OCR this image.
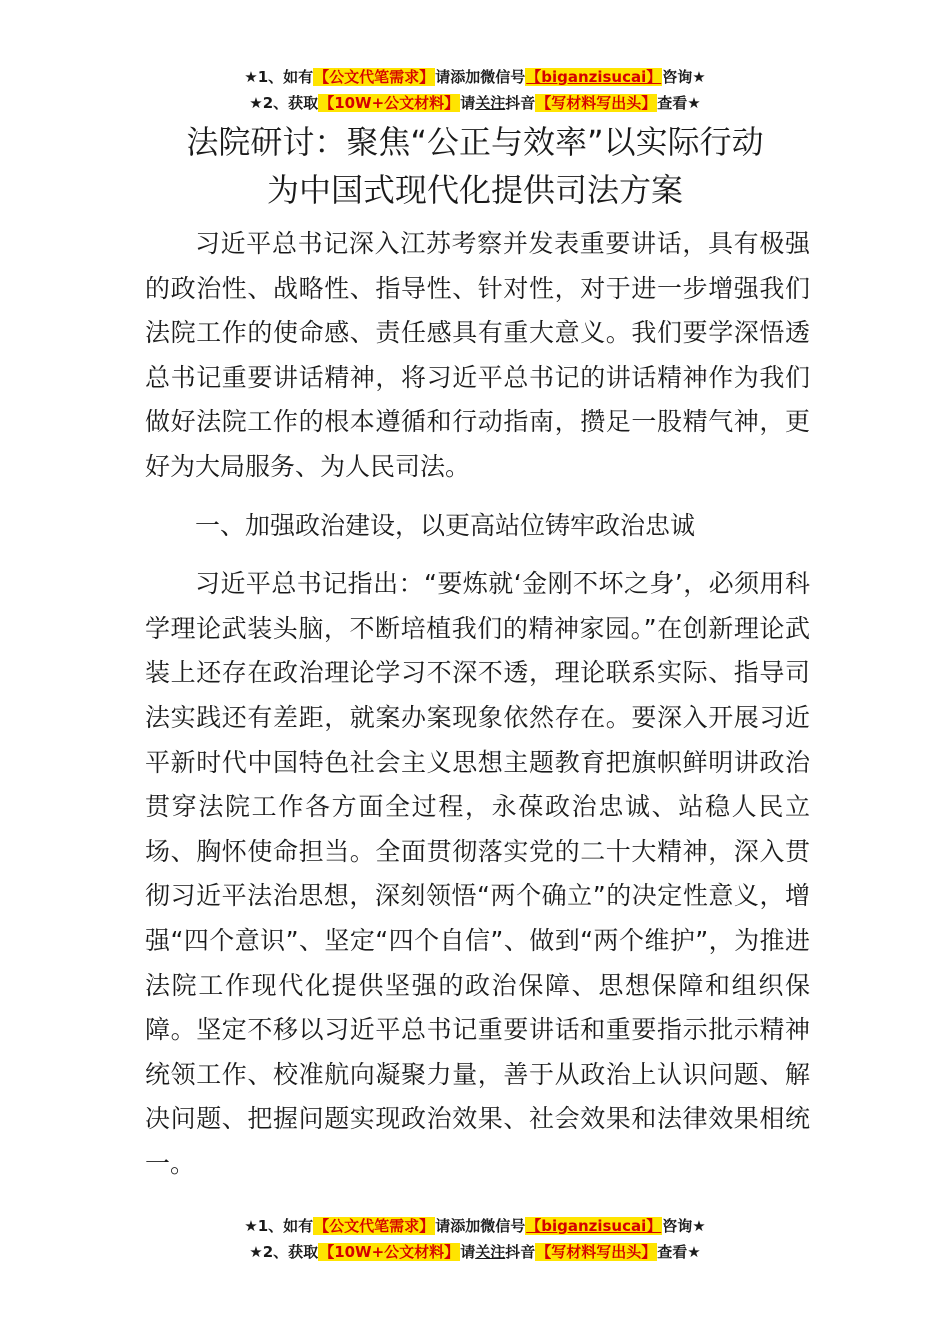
★1、如有【公文代笔需求】请添加微信号【biganzisucai】咨询★
★2、获取【10W+公文材料】请关注抖音【写材料写出头】查看★
法院研讨：聚焦“公正与效率”以实际行动
为中国式现代化提供司法方案

习近平总书记深入江苏考察并发表重要讲话，具有极强的政治性、战略性、指导性、针对性，对于进一步增强我们法院工作的使命感、责任感具有重大意义。我们要学深悟透总书记重要讲话精神，将习近平总书记的讲话精神作为我们做好法院工作的根本遵循和行动指南，攒足一股精气神，更好为大局服务、为人民司法。

一、加强政治建设，以更高站位铸牢政治忠诚

习近平总书记指出：“要炼就‘金刚不坏之身’，必须用科学理论武装头脑，不断培植我们的精神家园。”在创新理论武装上还存在政治理论学习不深不透，理论联系实际、指导司法实践还有差距，就案办案现象依然存在。要深入开展习近平新时代中国特色社会主义思想主题教育把旗帜鲜明讲政治贯穿法院工作各方面全过程，永葆政治忠诚、站稳人民立场、胸怀使命担当。全面贯彻落实党的二十大精神，深入贯彻习近平法治思想，深刻领悟“两个确立”的决定性意义，增强“四个意识”、坚定“四个自信”、做到“两个维护”，为推进法院工作现代化提供坚强的政治保障、思想保障和组织保障。坚定不移以习近平总书记重要讲话和重要指示批示精神统领工作、校准航向凝聚力量，善于从政治上认识问题、解决问题、把握问题实现政治效果、社会效果和法律效果相统一。

★1、如有【公文代笔需求】请添加微信号【biganzisucai】咨询★
★2、获取【10W+公文材料】请关注抖音【写材料写出头】查看★
